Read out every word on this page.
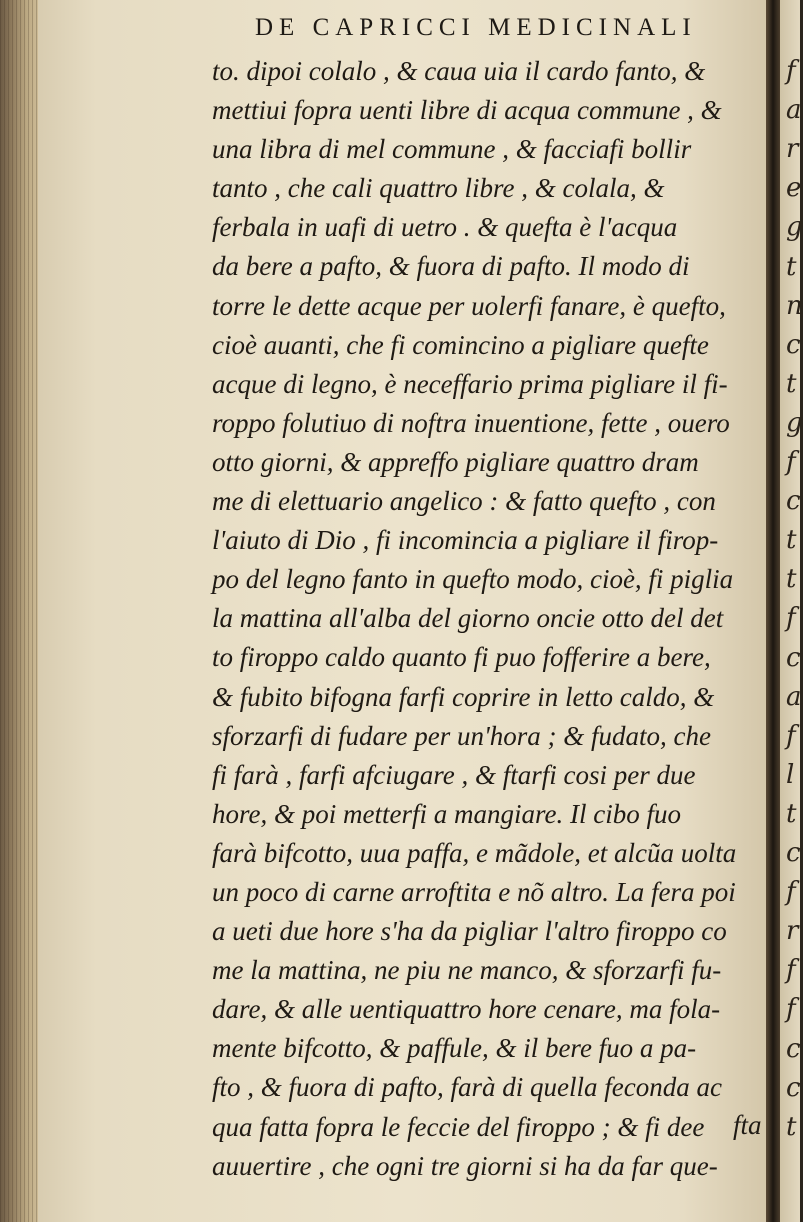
f
a
r
e
g
t
n
c
t
g
f
c
t
t
f
c
a
f
l
t
c
f
r
f
f
c
c
t
DE CAPRICCI MEDICINALI
to. dipoi colalo , & caua uia il cardo fanto, &
mettiui fopra uenti libre di acqua commune , &
una libra di mel commune , & facciafi bollir
tanto , che cali quattro libre , & colala, &
ferbala in uafi di uetro . & quefta è l'acqua
da bere a pafto, & fuora di pafto. Il modo di
torre le dette acque per uolerfi fanare, è quefto,
cioè auanti, che fi comincino a pigliare quefte
acque di legno, è neceffario prima pigliare il fi-
roppo folutiuo di noftra inuentione, fette , ouero
otto giorni, & appreffo pigliare quattro dram
me di elettuario angelico : & fatto quefto , con
l'aiuto di Dio , fi incomincia a pigliare il firop-
po del legno fanto in quefto modo, cioè, fi piglia
la mattina all'alba del giorno oncie otto del det
to firoppo caldo quanto fi puo fofferire a bere,
& fubito bifogna farfi coprire in letto caldo, &
sforzarfi di fudare per un'hora ; & fudato, che
fi farà , farfi afciugare , & ftarfi cosi per due
hore, & poi metterfi a mangiare. Il cibo fuo
farà bifcotto, uua paffa, e mãdole, et alcũa uolta
un poco di carne arroftita e nõ altro. La fera poi
a ueti due hore s'ha da pigliar l'altro firoppo co
me la mattina, ne piu ne manco, & sforzarfi fu-
dare, & alle uentiquattro hore cenare, ma fola-
mente bifcotto, & paffule, & il bere fuo a pa-
fto , & fuora di pafto, farà di quella feconda ac
qua fatta fopra le feccie del firoppo ; & fi dee
auuertire , che ogni tre giorni si ha da far que-
fta
